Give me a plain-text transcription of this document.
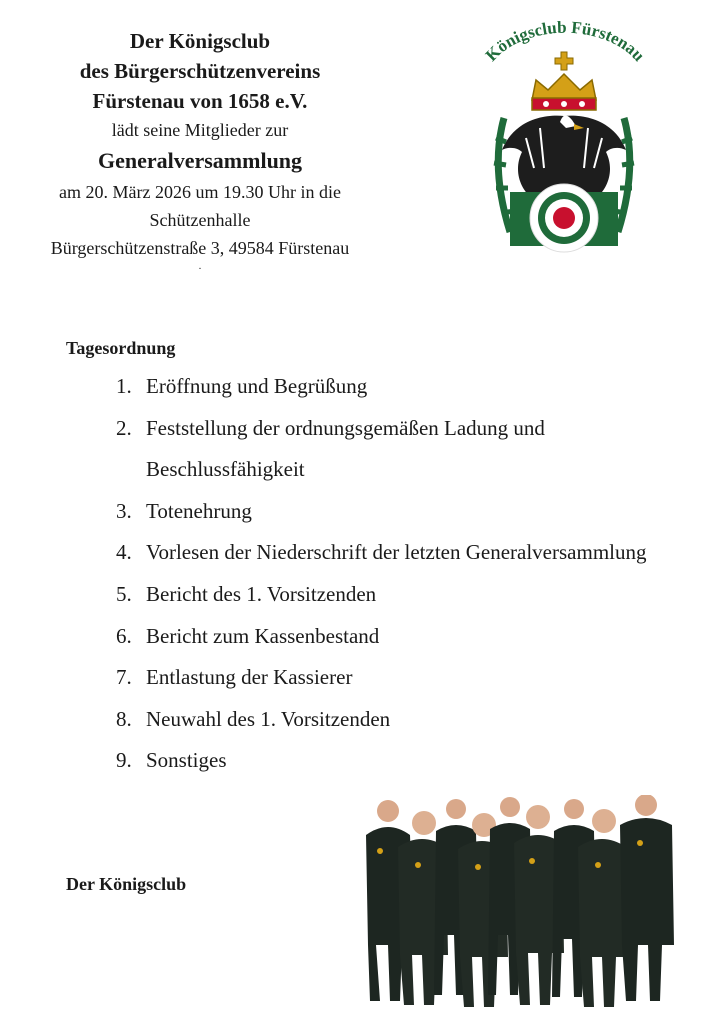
Der Königsclub
des Bürgerschützenvereins
Fürstenau von 1658 e.V.
lädt seine Mitglieder zur
Generalversammlung
am 20. März 2026 um 19.30 Uhr in die
Schützenhalle
Bürgerschützenstraße 3, 49584 Fürstenau
.
Königsclub Fürstenau
Tagesordnung
1. Eröffnung und Begrüßung
2. Feststellung der ordnungsgemäßen Ladung und Beschlussfähigkeit
3. Totenehrung
4. Vorlesen der Niederschrift der letzten Generalversammlung
5. Bericht des 1. Vorsitzenden
6. Bericht zum Kassenbestand
7. Entlastung der Kassierer
8. Neuwahl des 1. Vorsitzenden
9. Sonstiges
Der Königsclub
